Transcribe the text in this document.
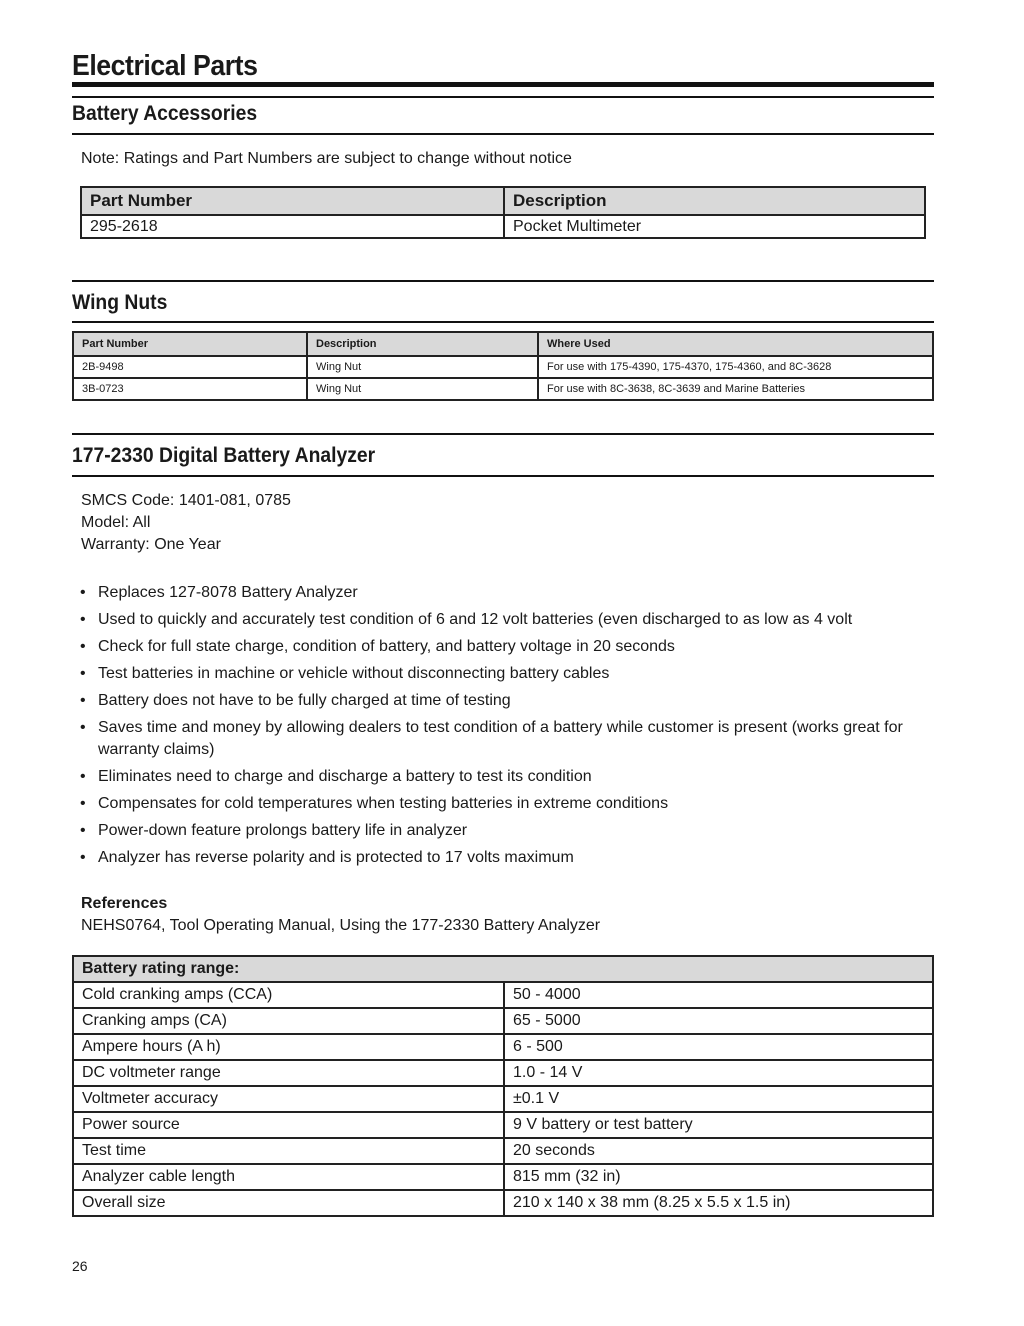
Electrical Parts
Battery Accessories
Note: Ratings and Part Numbers are subject to change without notice
Part Number	Description
295-2618	Pocket Multimeter
Wing Nuts
Part Number	Description	Where Used
2B-9498	Wing Nut	For use with 175-4390, 175-4370, 175-4360, and 8C-3628
3B-0723	Wing Nut	For use with 8C-3638, 8C-3639 and Marine Batteries
177-2330 Digital Battery Analyzer
SMCS Code: 1401-081, 0785
Model: All
Warranty: One Year
• Replaces 127-8078 Battery Analyzer
• Used to quickly and accurately test condition of 6 and 12 volt batteries (even discharged to as low as 4 volt
• Check for full state charge, condition of battery, and battery voltage in 20 seconds
• Test batteries in machine or vehicle without disconnecting battery cables
• Battery does not have to be fully charged at time of testing
• Saves time and money by allowing dealers to test condition of a battery while customer is present (works great for warranty claims)
• Eliminates need to charge and discharge a battery to test its condition
• Compensates for cold temperatures when testing batteries in extreme conditions
• Power-down feature prolongs battery life in analyzer
• Analyzer has reverse polarity and is protected to 17 volts maximum
References
NEHS0764, Tool Operating Manual, Using the 177-2330 Battery Analyzer
Battery rating range:	
Cold cranking amps (CCA)	50 - 4000
Cranking amps (CA)	65 - 5000
Ampere hours (A h)	6 - 500
DC voltmeter range	1.0 - 14 V
Voltmeter accuracy	±0.1 V
Power source	9 V battery or test battery
Test time	20 seconds
Analyzer cable length	815 mm (32 in)
Overall size	210 x 140 x 38 mm (8.25 x 5.5 x 1.5 in)
26
